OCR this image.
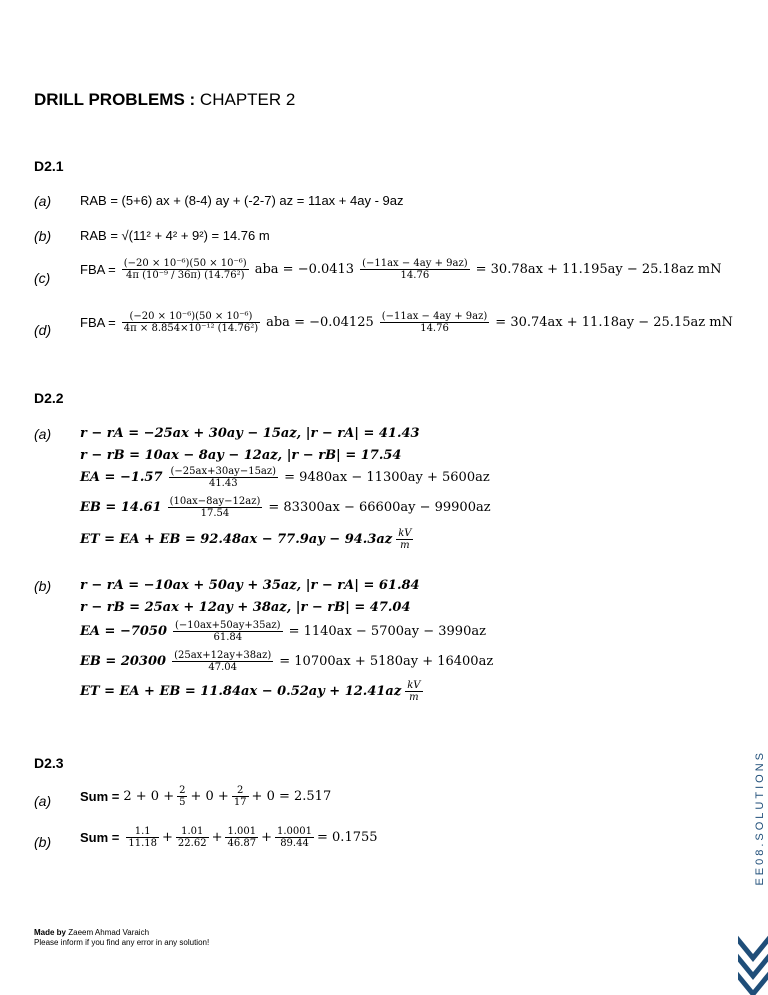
DRILL PROBLEMS : CHAPTER 2
D2.1
(a) RAB = (5+6) ax + (8-4) ay + (-2-7) az = 11ax + 4ay - 9az
(b) RAB = √(11² + 4² + 9²) = 14.76 m
(c)
FBA = $\frac{\text{(−20 × 10⁻⁶)(50 × 10⁻⁶)}}{\text{4π (10⁻⁹ / 36π) (14.76²)}}$ aba = $-0.0413 \frac{(-11ax - 4ay + 9az)}{14.76} = 30.78ax + 11.195ay - 25.18az$ mN
(d) FBA = $\frac{\text{(−20 × 10⁻⁶)(50 × 10⁻⁶)}}{\text{4π × 8.854×10⁻¹² (14.76²)}}$ aba = $-0.04125 \frac{(-11ax - 4ay + 9az)}{14.76} = 30.74ax + 11.18ay - 25.15az$ mN
D2.2
(a) r − rA = −25ax + 30ay − 15az, |r − rA| = 41.43
r − rB = 10ax − 8ay − 12az, |r − rB| = 17.54
EA = $-1.57 \frac{(-25ax+30ay-15az)}{41.43} = 9480ax - 11300ay + 5600az$
EB = $14.61 \frac{(10ax-8ay-12az)}{17.54} = 83300ax - 66600ay - 99900az$
ET = EA + EB = $92.48ax - 77.9ay - 94.3az \frac{kV}{m}$
(b) r − rA = −10ax + 50ay + 35az, |r − rA| = 61.84
r − rB = 25ax + 12ay + 38az, |r − rB| = 47.04
EA = $-7050 \frac{(-10ax+50ay+35az)}{61.84} = 1140ax - 5700ay - 3990az$
EB = $20300 \frac{(25ax+12ay+38az)}{47.04} = 10700ax + 5180ay + 16400az$
ET = EA + EB = $11.84ax - 0.52ay + 12.41az \frac{kV}{m}$
D2.3
(a) Sum = $2 + 0 + \frac{2}{5} + 0 + \frac{2}{17} + 0 = 2.517$
(b) Sum = $\frac{1.1}{11.18} + \frac{1.01}{22.62} + \frac{1.001}{46.87} + \frac{1.0001}{89.44} = 0.1755$
Made by Zaeem Ahmad Varaich
Please inform if you find any error in any solution!
EE08.SOLUTIONS
